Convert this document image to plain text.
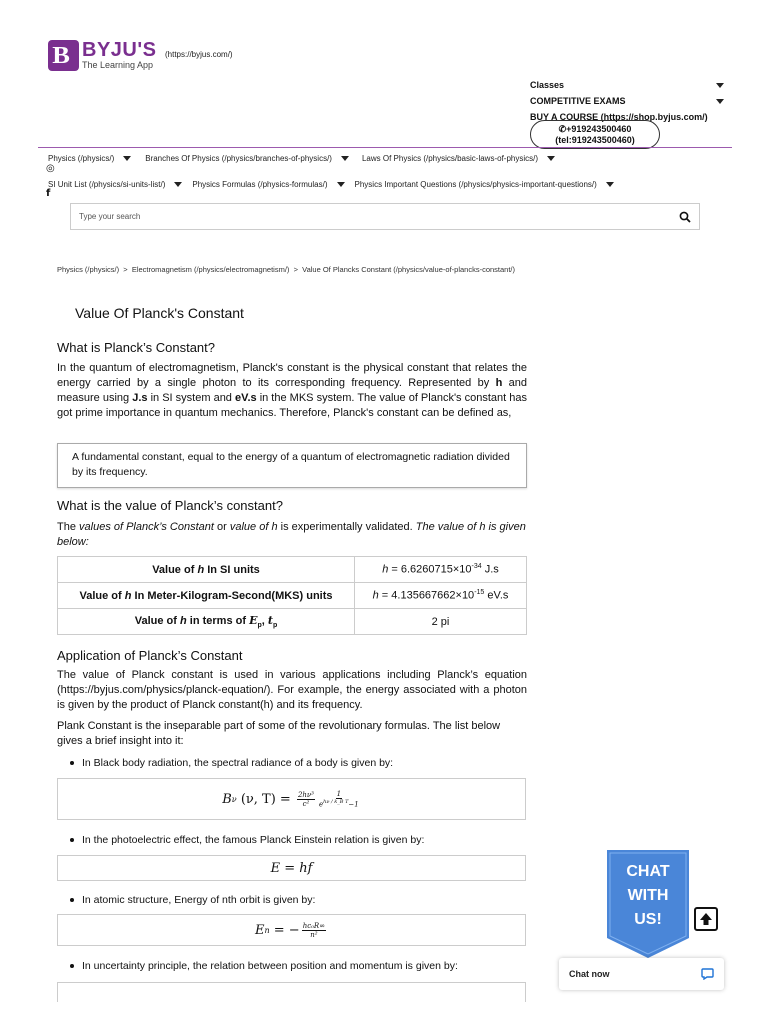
B BYJU'S
The Learning App
(https://byjus.com/)
Classes
COMPETITIVE EXAMS
BUY A COURSE (https://shop.byjus.com/)
✆+919243500460
(tel:919243500460)
Physics (/physics/)	Branches Of Physics (/physics/branches-of-physics/)	Laws Of Physics (/physics/basic-laws-of-physics/)
◎
SI Unit List (/physics/si-units-list/)	Physics Formulas (/physics-formulas/)	Physics Important Questions (/physics/physics-important-questions/)
f
Type your search
Physics (/physics/) > Electromagnetism (/physics/electromagnetism/) > Value Of Plancks Constant (/physics/value-of-plancks-constant/)
Value Of Planck's Constant
What is Planck’s Constant?

In the quantum of electromagnetism, Planck's constant is the physical constant that relates the energy carried by a single photon to its corresponding frequency. Represented by h and measure using J.s in SI system and eV.s in the MKS system. The value of Planck's constant has got prime importance in quantum mechanics. Therefore, Planck's constant can be defined as,

A fundamental constant, equal to the energy of a quantum of electromagnetic radiation divided by its frequency.
What is the value of Planck’s constant?

The values of Planck’s Constant or value of h is experimentally validated. The value of h is given below:

Value of h In SI units	$h = 6.6260715\times 10^{-34}$ J.s
Value of h In Meter-Kilogram-Second(MKS) units	$h = 4.135667662\times 10^{-15}$ eV.s
Value of h in terms of $E_p$, $t_p$	2 pi
Application of Planck’s Constant

The value of Planck constant is used in various applications including Planck’s equation (https://byjus.com/physics/planck-equation/). For example, the energy associated with a photon is given by the product of Planck constant(h) and its frequency.

Plank Constant is the inseparable part of some of the revolutionary formulas. The list below gives a brief insight into it:

In Black body radiation, the spectral radiance of a body is given by:
B ν
(ν, T) =
$\frac{\text{2hν³}}{\text{c²}} \frac{1}{e^{h\nu / k\_B T}-1}$
In the photoelectric effect, the famous Planck Einstein relation is given by:
E = hf
In atomic structure, Energy of nth orbit is given by:
E n
= − $\frac{\text{hc₀R∞}}{\text{n²}}$
In uncertainty principle, the relation between position and momentum is given by:
CHAT
WITH
US!
Chat now
